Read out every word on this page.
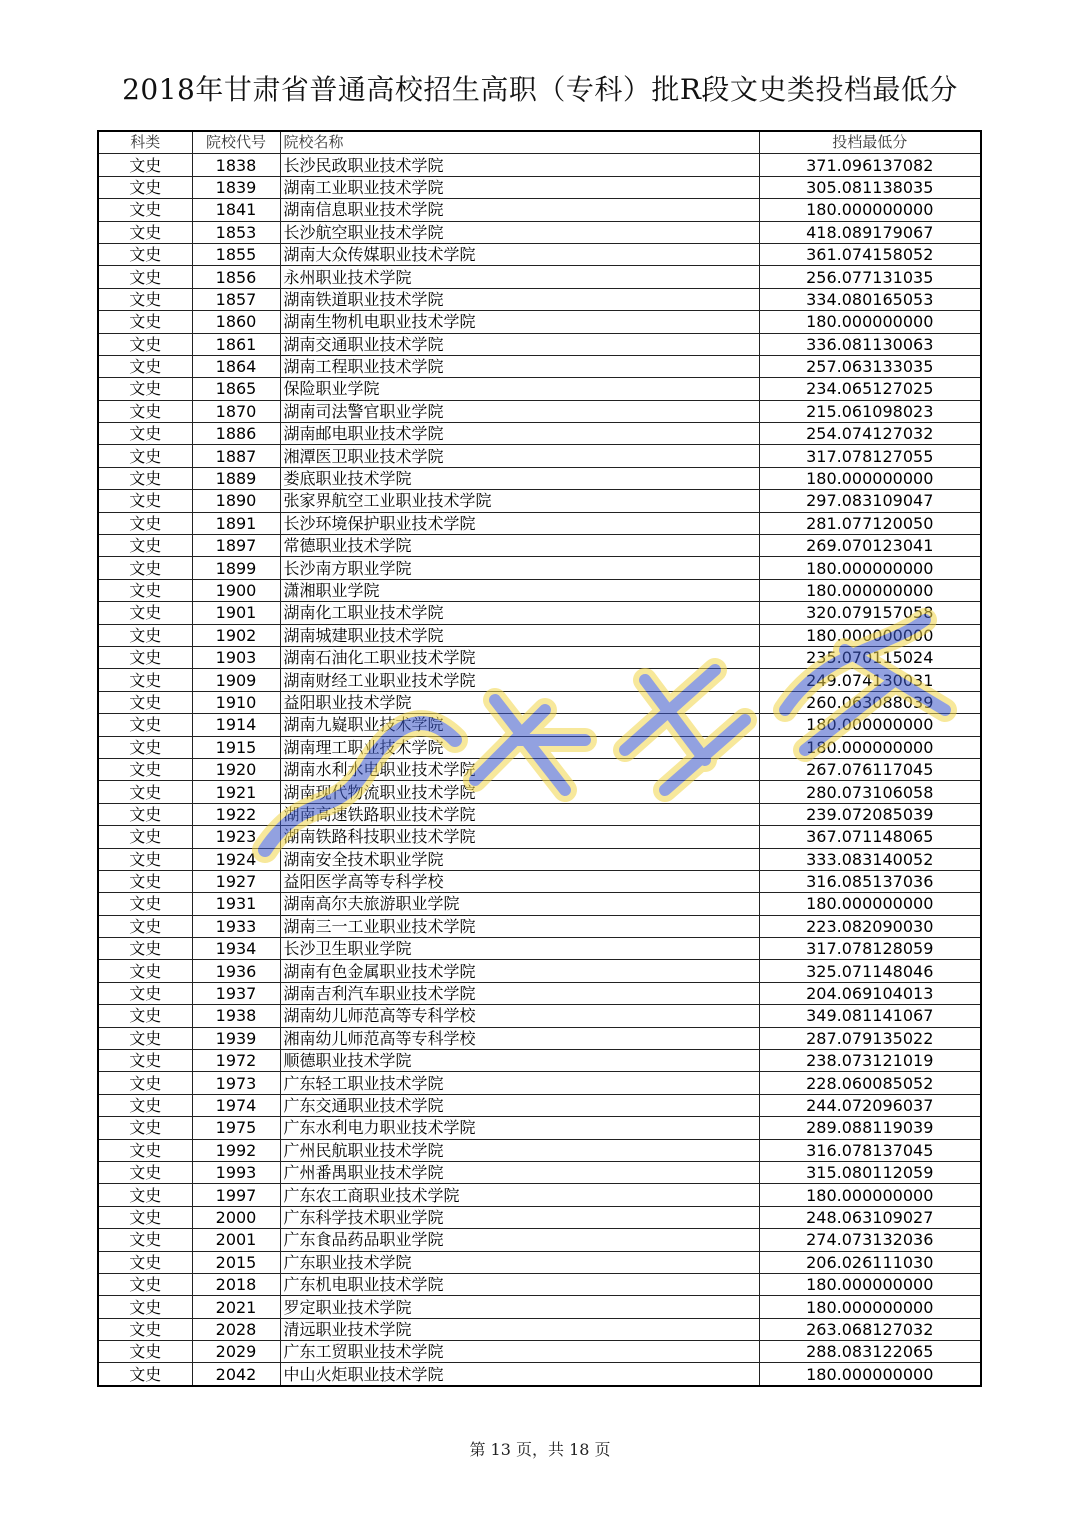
2018年甘肃省普通高校招生高职（专科）批R段文史类投档最低分
科类	院校代号	院校名称	投档最低分
文史	1838	长沙民政职业技术学院	371.096137082
文史	1839	湖南工业职业技术学院	305.081138035
文史	1841	湖南信息职业技术学院	180.000000000
文史	1853	长沙航空职业技术学院	418.089179067
文史	1855	湖南大众传媒职业技术学院	361.074158052
文史	1856	永州职业技术学院	256.077131035
文史	1857	湖南铁道职业技术学院	334.080165053
文史	1860	湖南生物机电职业技术学院	180.000000000
文史	1861	湖南交通职业技术学院	336.081130063
文史	1864	湖南工程职业技术学院	257.063133035
文史	1865	保险职业学院	234.065127025
文史	1870	湖南司法警官职业学院	215.061098023
文史	1886	湖南邮电职业技术学院	254.074127032
文史	1887	湘潭医卫职业技术学院	317.078127055
文史	1889	娄底职业技术学院	180.000000000
文史	1890	张家界航空工业职业技术学院	297.083109047
文史	1891	长沙环境保护职业技术学院	281.077120050
文史	1897	常德职业技术学院	269.070123041
文史	1899	长沙南方职业学院	180.000000000
文史	1900	潇湘职业学院	180.000000000
文史	1901	湖南化工职业技术学院	320.079157058
文史	1902	湖南城建职业技术学院	180.000000000
文史	1903	湖南石油化工职业技术学院	235.070115024
文史	1909	湖南财经工业职业技术学院	249.074130031
文史	1910	益阳职业技术学院	260.063088039
文史	1914	湖南九嶷职业技术学院	180.000000000
文史	1915	湖南理工职业技术学院	180.000000000
文史	1920	湖南水利水电职业技术学院	267.076117045
文史	1921	湖南现代物流职业技术学院	280.073106058
文史	1922	湖南高速铁路职业技术学院	239.072085039
文史	1923	湖南铁路科技职业技术学院	367.071148065
文史	1924	湖南安全技术职业学院	333.083140052
文史	1927	益阳医学高等专科学校	316.085137036
文史	1931	湖南高尔夫旅游职业学院	180.000000000
文史	1933	湖南三一工业职业技术学院	223.082090030
文史	1934	长沙卫生职业学院	317.078128059
文史	1936	湖南有色金属职业技术学院	325.071148046
文史	1937	湖南吉利汽车职业技术学院	204.069104013
文史	1938	湖南幼儿师范高等专科学校	349.081141067
文史	1939	湘南幼儿师范高等专科学校	287.079135022
文史	1972	顺德职业技术学院	238.073121019
文史	1973	广东轻工职业技术学院	228.060085052
文史	1974	广东交通职业技术学院	244.072096037
文史	1975	广东水利电力职业技术学院	289.088119039
文史	1992	广州民航职业技术学院	316.078137045
文史	1993	广州番禺职业技术学院	315.080112059
文史	1997	广东农工商职业技术学院	180.000000000
文史	2000	广东科学技术职业学院	248.063109027
文史	2001	广东食品药品职业学院	274.073132036
文史	2015	广东职业技术学院	206.026111030
文史	2018	广东机电职业技术学院	180.000000000
文史	2021	罗定职业技术学院	180.000000000
文史	2028	清远职业技术学院	263.068127032
文史	2029	广东工贸职业技术学院	288.083122065
文史	2042	中山火炬职业技术学院	180.000000000
第 13 页，共 18 页
